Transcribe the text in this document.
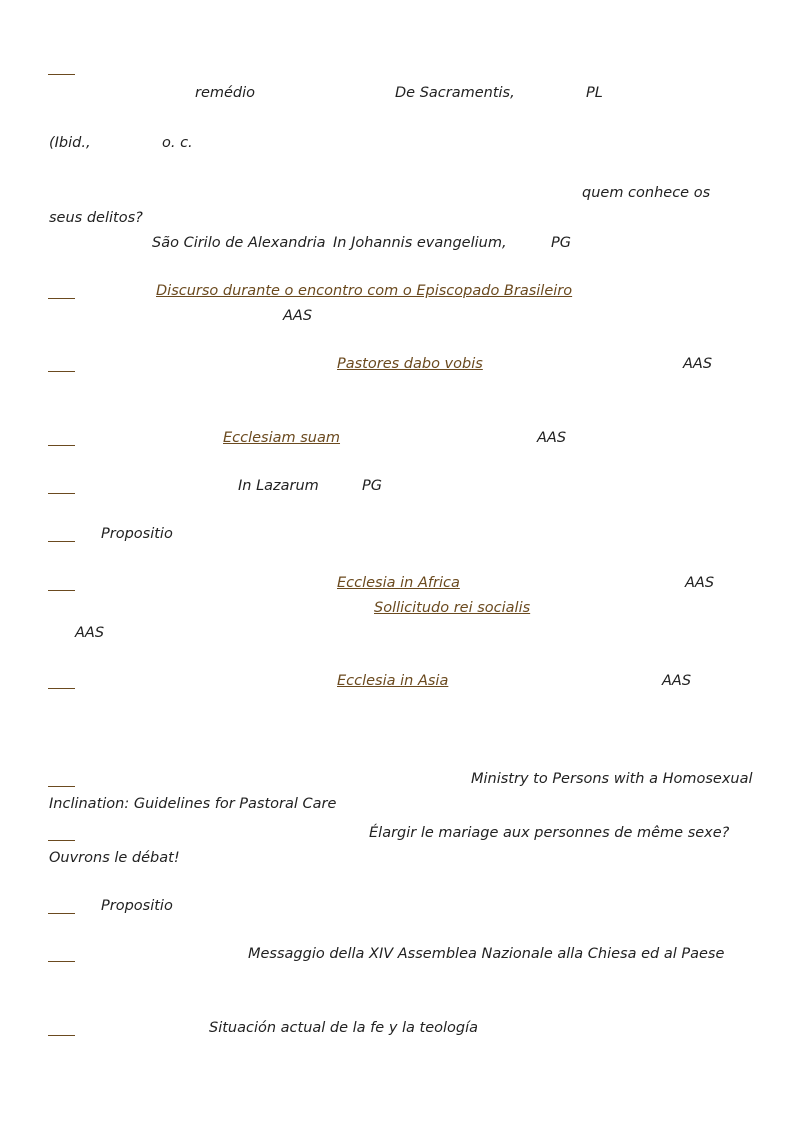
remédio	De Sacramentis,	PL
(Ibid.,	o. c.
quem conhece os
seus delitos?
São Cirilo de Alexandria In Johannis evangelium,	PG
Discurso durante o encontro com o Episcopado Brasileiro
AAS
Pastores dabo vobis	AAS
Ecclesiam suam	AAS
In Lazarum	PG
Propositio
Ecclesia in Africa	AAS
Sollicitudo rei socialis
AAS
Ecclesia in Asia	AAS
Ministry to Persons with a Homosexual
Inclination: Guidelines for Pastoral Care
Élargir le mariage aux personnes de même sexe?
Ouvrons le débat!
Propositio
Messaggio della XIV Assemblea Nazionale alla Chiesa ed al Paese
Situación actual de la fe y la teología
